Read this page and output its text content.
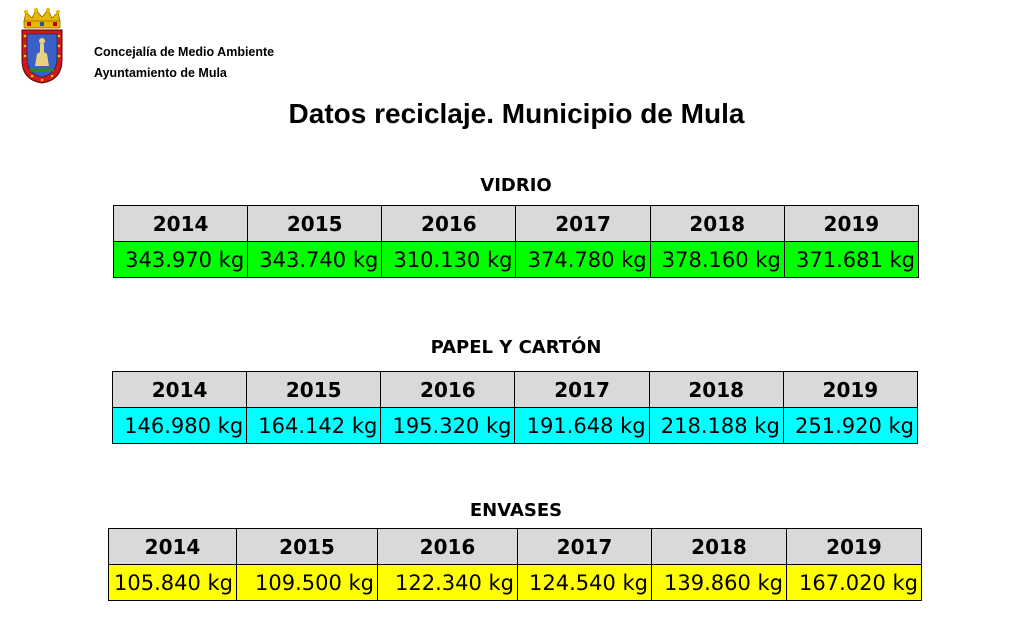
Concejalía de Medio Ambiente
Ayuntamiento de Mula
Datos reciclaje. Municipio de Mula
VIDRIO
2014	2015	2016	2017	2018	2019
343.970 kg	343.740 kg	310.130 kg	374.780 kg	378.160 kg	371.681 kg
PAPEL Y CARTÓN
2014	2015	2016	2017	2018	2019
146.980 kg	164.142 kg	195.320 kg	191.648 kg	218.188 kg	251.920 kg
ENVASES
2014	2015	2016	2017	2018	2019
105.840 kg	109.500 kg	122.340 kg	124.540 kg	139.860 kg	167.020 kg
